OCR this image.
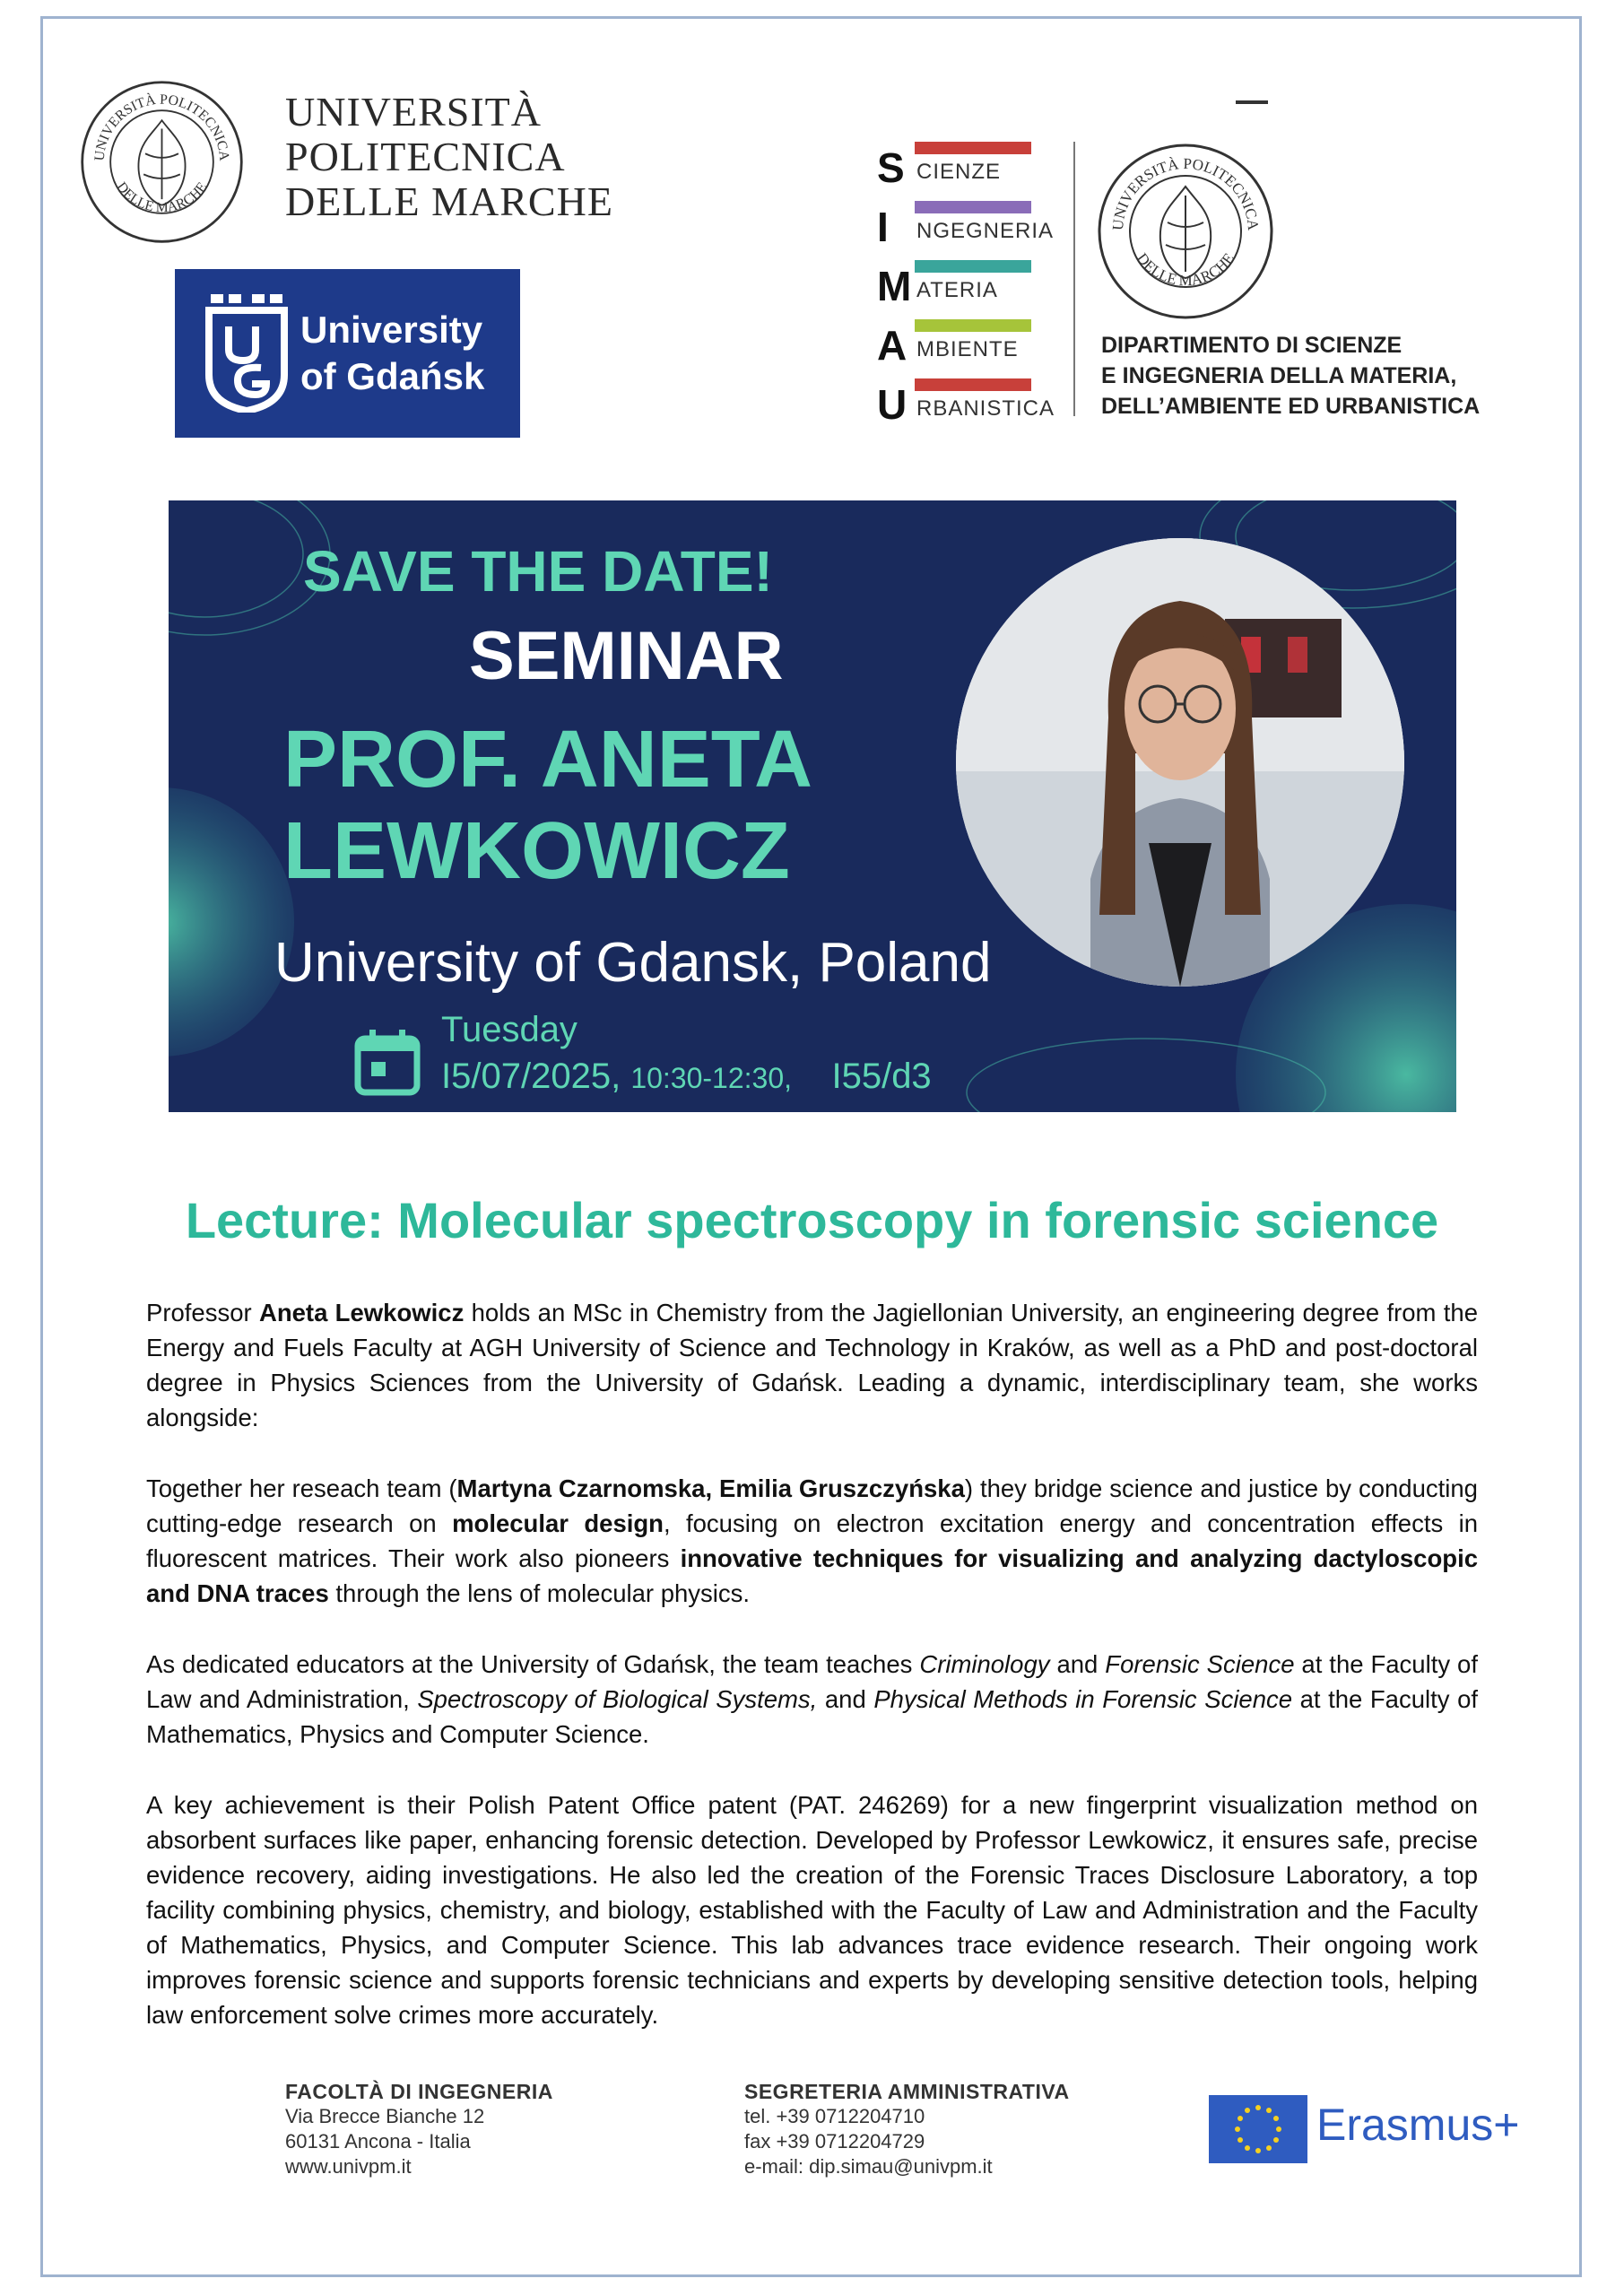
UNIVERSITÀ POLITECNICA
DELLE MARCHE
UNIVERSITÀ
POLITECNICA
DELLE MARCHE
University
of Gdańsk
S CIENZE
I NGEGNERIA
M ATERIA
A MBIENTE
U RBANISTICA
UNIVERSITÀ POLITECNICA
DELLE MARCHE
DIPARTIMENTO DI SCIENZE
E INGEGNERIA DELLA MATERIA,
DELL’AMBIENTE ED URBANISTICA
SAVE THE DATE!
SEMINAR
PROF. ANETA
LEWKOWICZ
University of Gdansk, Poland
Tuesday
I5/07/2025, 10:30-12:30, I55/d3
Lecture: Molecular spectroscopy in forensic science
Professor Aneta Lewkowicz holds an MSc in Chemistry from the Jagiellonian University, an engineering degree from the Energy and Fuels Faculty at AGH University of Science and Technology in Kraków, as well as a PhD and post-doctoral degree in Physics Sciences from the University of Gdańsk. Leading a dynamic, interdisciplinary team, she works alongside:
Together her reseach team (Martyna Czarnomska, Emilia Gruszczyńska) they bridge science and justice by conducting cutting-edge research on molecular design, focusing on electron excitation energy and concentration effects in fluorescent matrices. Their work also pioneers innovative techniques for visualizing and analyzing dactyloscopic and DNA traces through the lens of molecular physics.
As dedicated educators at the University of Gdańsk, the team teaches Criminology and Forensic Science at the Faculty of Law and Administration, Spectroscopy of Biological Systems, and Physical Methods in Forensic Science at the Faculty of Mathematics, Physics and Computer Science.
A key achievement is their Polish Patent Office patent (PAT. 246269) for a new fingerprint visualization method on absorbent surfaces like paper, enhancing forensic detection. Developed by Professor Lewkowicz, it ensures safe, precise evidence recovery, aiding investigations. He also led the creation of the Forensic Traces Disclosure Laboratory, a top facility combining physics, chemistry, and biology, established with the Faculty of Law and Administration and the Faculty of Mathematics, Physics, and Computer Science. This lab advances trace evidence research. Their ongoing work improves forensic science and supports forensic technicians and experts by developing sensitive detection tools, helping law enforcement solve crimes more accurately.
FACOLTÀ DI INGEGNERIA
Via Brecce Bianche 12
60131 Ancona - Italia
www.univpm.it
SEGRETERIA AMMINISTRATIVA
tel. +39 0712204710
fax +39 0712204729
e-mail: dip.simau@univpm.it
Erasmus+
